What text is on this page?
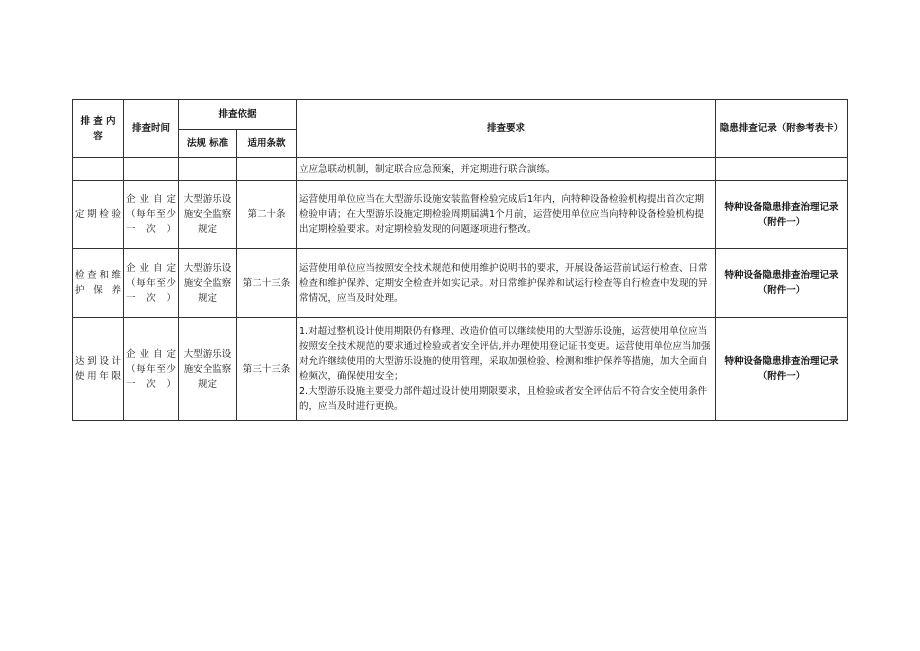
排 查 内 容	排查时间	排查依据		排查要求	隐患排查记录（附参考表卡）
		法规 标准	适用条款		
				立应急联动机制，制定联合应急预案，并定期进行联合演练。	
定期检验	企业自定（每年至少一次）	大型游乐设施安全监察规定	第二十条	运营使用单位应当在大型游乐设施安装监督检验完成后1年内，向特种设备检验机构提出首次定期检验申请；在大型游乐设施定期检验周期届满1个月前，运营使用单位应当向特种设备检验机构提出定期检验要求。对定期检验发现的问题逐项进行整改。	特种设备隐患排查治理记录（附件一）
检查和维护保养	企业自定（每年至少一次）	大型游乐设施安全监察规定	第二十三条	运营使用单位应当按照安全技术规范和使用维护说明书的要求，开展设备运营前试运行检查、日常检查和维护保养、定期安全检查并如实记录。对日常维护保养和试运行检查等自行检查中发现的异常情况，应当及时处理。	特种设备隐患排查治理记录（附件一）
达到设计使用年限	企业自定（每年至少一次）	大型游乐设施安全监察规定	第三十三条	1.对超过整机设计使用期限仍有修理、改造价值可以继续使用的大型游乐设施，运营使用单位应当按照安全技术规范的要求通过检验或者安全评估,并办理使用登记证书变更。运营使用单位应当加强对允许继续使用的大型游乐设施的使用管理，采取加强检验、检测和维护保养等措施，加大全面自检频次，确保使用安全；

2.大型游乐设施主要受力部件超过设计使用期限要求，且检验或者安全评估后不符合安全使用条件的，应当及时进行更换。	特种设备隐患排查治理记录（附件一）
